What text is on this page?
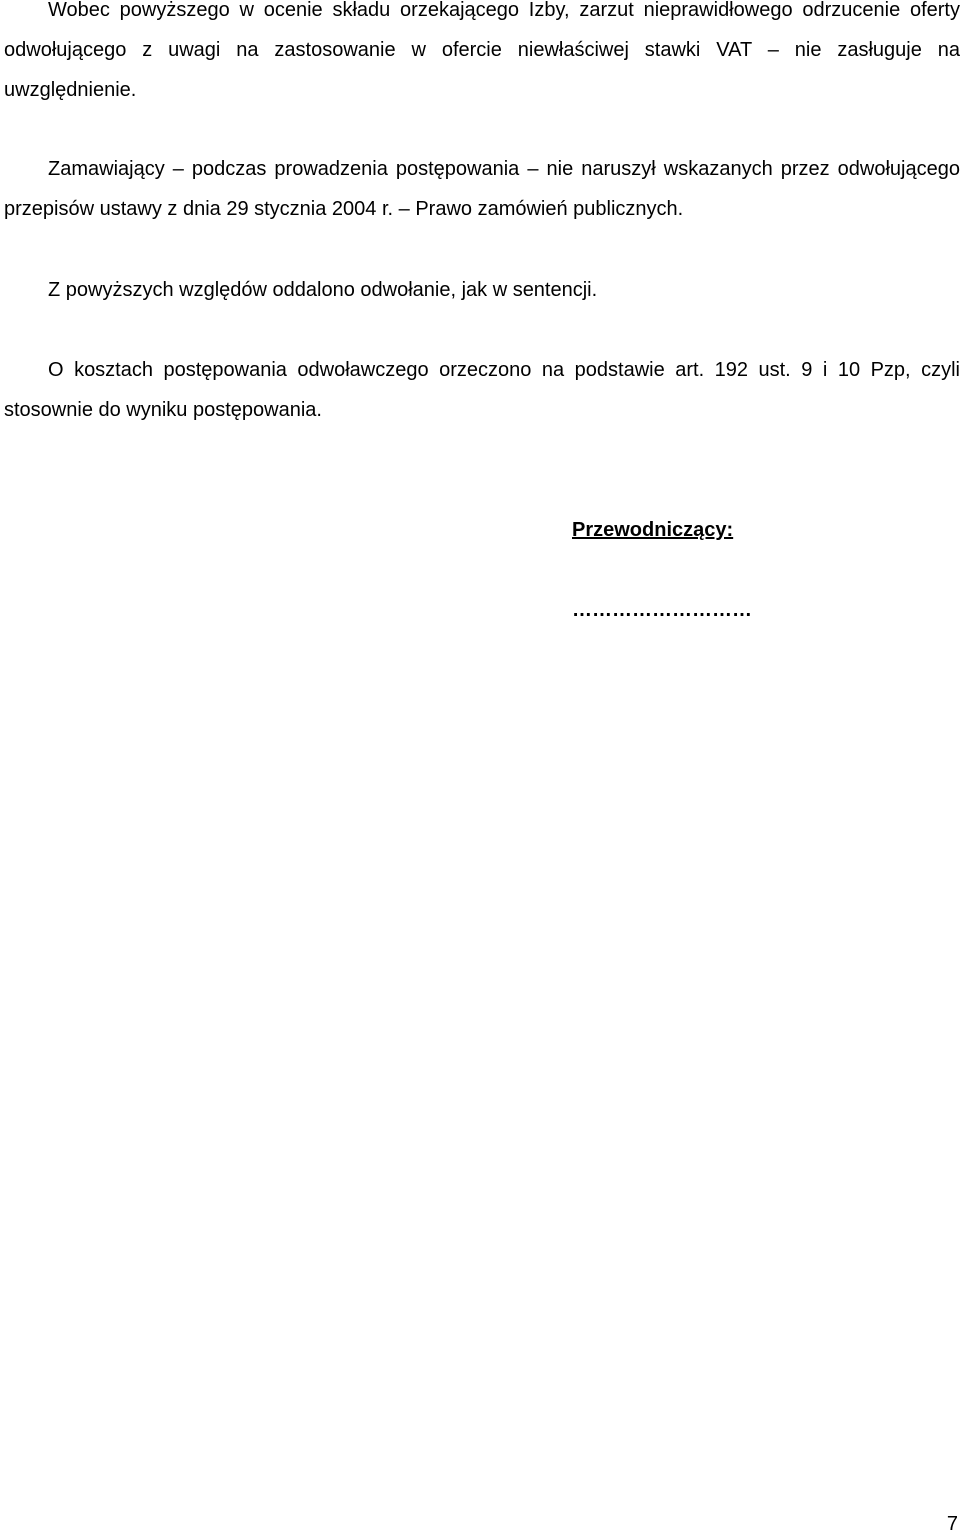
Wobec powyższego w ocenie składu orzekającego Izby, zarzut nieprawidłowego odrzucenie oferty odwołującego z uwagi na zastosowanie w ofercie niewłaściwej stawki VAT – nie zasługuje na uwzględnienie.

Zamawiający – podczas prowadzenia postępowania – nie naruszył wskazanych przez odwołującego przepisów ustawy z dnia 29 stycznia 2004 r. – Prawo zamówień publicznych.

Z powyższych względów oddalono odwołanie, jak w sentencji.

O kosztach postępowania odwoławczego orzeczono na podstawie art. 192 ust. 9 i 10 Pzp, czyli stosownie do wyniku postępowania.

Przewodniczący:

………………………

7
